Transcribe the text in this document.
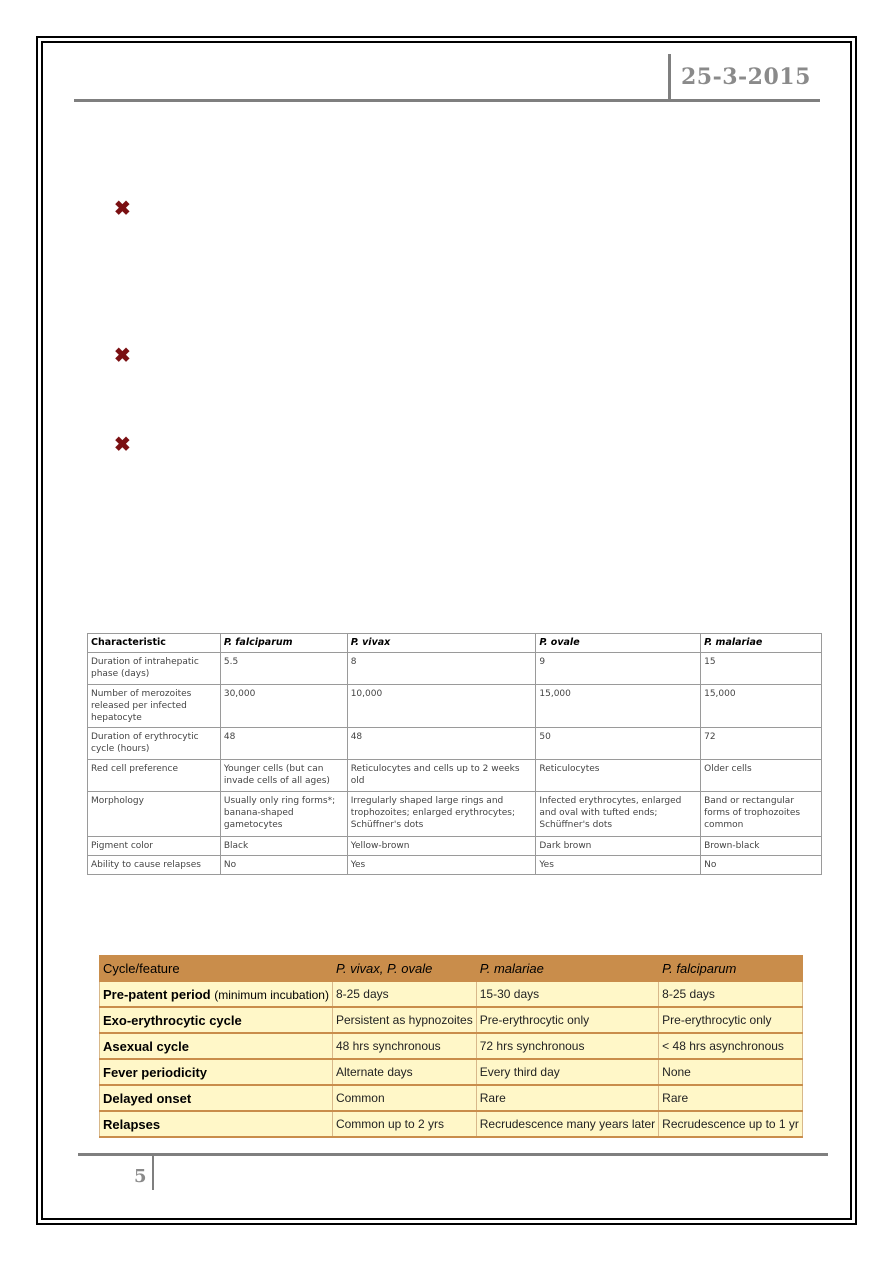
25-3-2015
✖
✖
✖
Characteristic	P. falciparum	P. vivax	P. ovale	P. malariae
Duration of intrahepatic phase (days)	5.5	8	9	15
Number of merozoites released per infected hepatocyte	30,000	10,000	15,000	15,000
Duration of erythrocytic cycle (hours)	48	48	50	72
Red cell preference	Younger cells (but can invade cells of all ages)	Reticulocytes and cells up to 2 weeks old	Reticulocytes	Older cells
Morphology	Usually only ring forms*; banana-shaped gametocytes	Irregularly shaped large rings and trophozoites; enlarged erythrocytes; Schüffner's dots	Infected erythrocytes, enlarged and oval with tufted ends; Schüffner's dots	Band or rectangular forms of trophozoites common
Pigment color	Black	Yellow-brown	Dark brown	Brown-black
Ability to cause relapses	No	Yes	Yes	No
Cycle/feature	P. vivax, P. ovale	P. malariae	P. falciparum
Pre-patent period (minimum incubation)	8-25 days	15-30 days	8-25 days
Exo-erythrocytic cycle	Persistent as hypnozoites	Pre-erythrocytic only	Pre-erythrocytic only
Asexual cycle	48 hrs synchronous	72 hrs synchronous	< 48 hrs asynchronous
Fever periodicity	Alternate days	Every third day	None
Delayed onset	Common	Rare	Rare
Relapses	Common up to 2 yrs	Recrudescence many years later	Recrudescence up to 1 yr
5
